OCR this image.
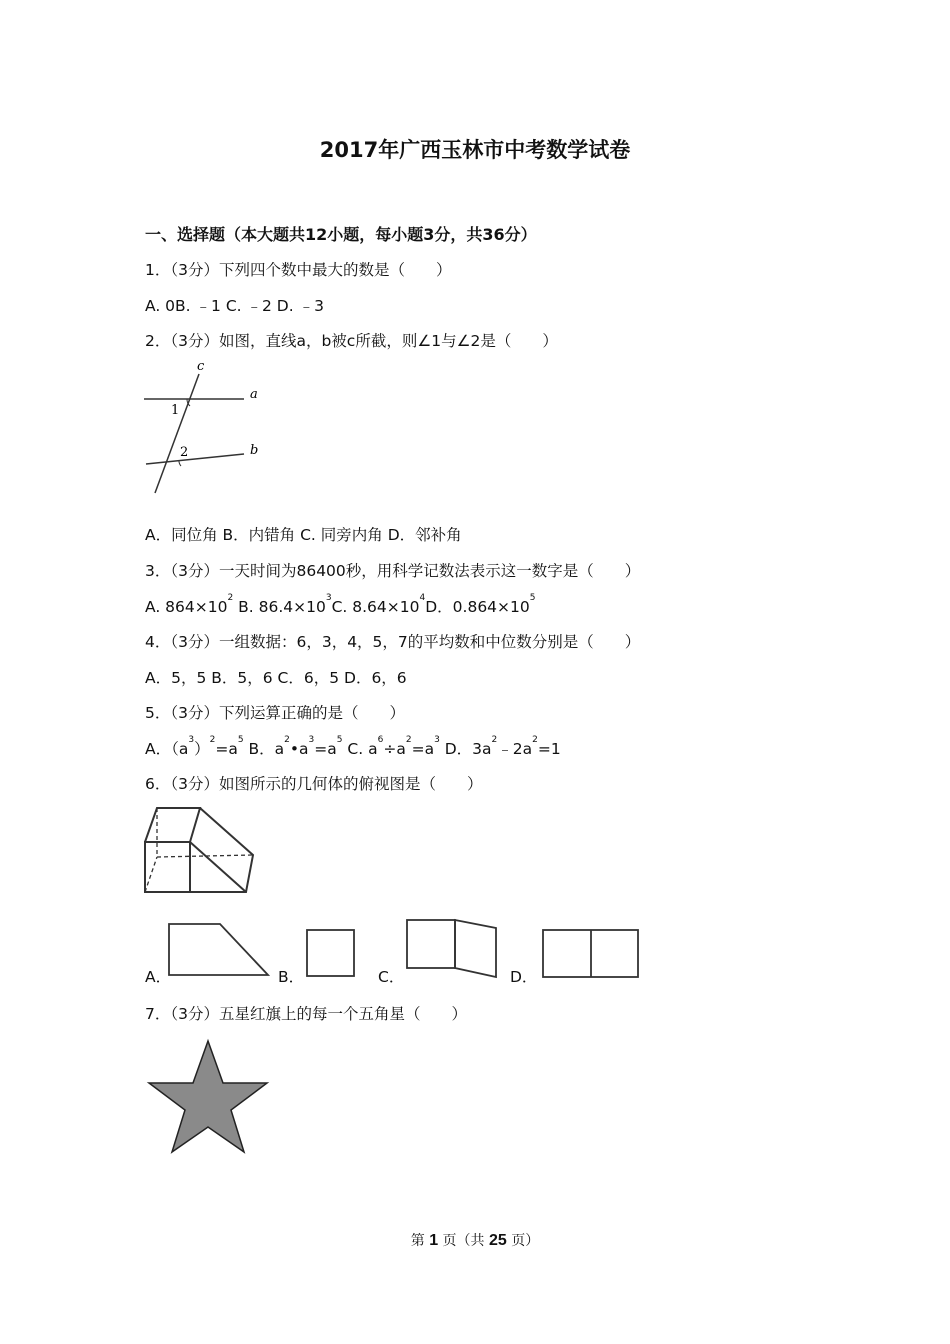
2017年广西玉林市中考数学试卷
一、选择题（本大题共12小题，每小题3分，共36分）
1．（3分）下列四个数中最大的数是（　　）
A. 0B. ﹣1 C. ﹣2 D. ﹣3
2．（3分）如图，直线a，b被c所截，则∠1与∠2是（　　）
c
a
b
1
2
A．同位角 B．内错角 C. 同旁内角 D．邻补角
3．（3分）一天时间为86400秒，用科学记数法表示这一数字是（　　）
A. $864\times 10^2$ B. $86.4\times 10^3C$. $8.64\times 10^4D$．$0.864\times 10^5$
4．（3分）一组数据：6，3，4，5，7的平均数和中位数分别是（　　）
A．5，5 B．5，6 C．6，5 D．6，6
5．（3分）下列运算正确的是（　　）
A．$(a^3)^2=a^5$ B．$a^2•a^3=a^5$ C. $a^6\div a^2=a^3$ D．$3a^2﹣2a^2=1$
6．（3分）如图所示的几何体的俯视图是（　　）
A．	B．	C．	D．
7．（3分）五星红旗上的每一个五角星（　　）
第 1 页（共 25 页）
